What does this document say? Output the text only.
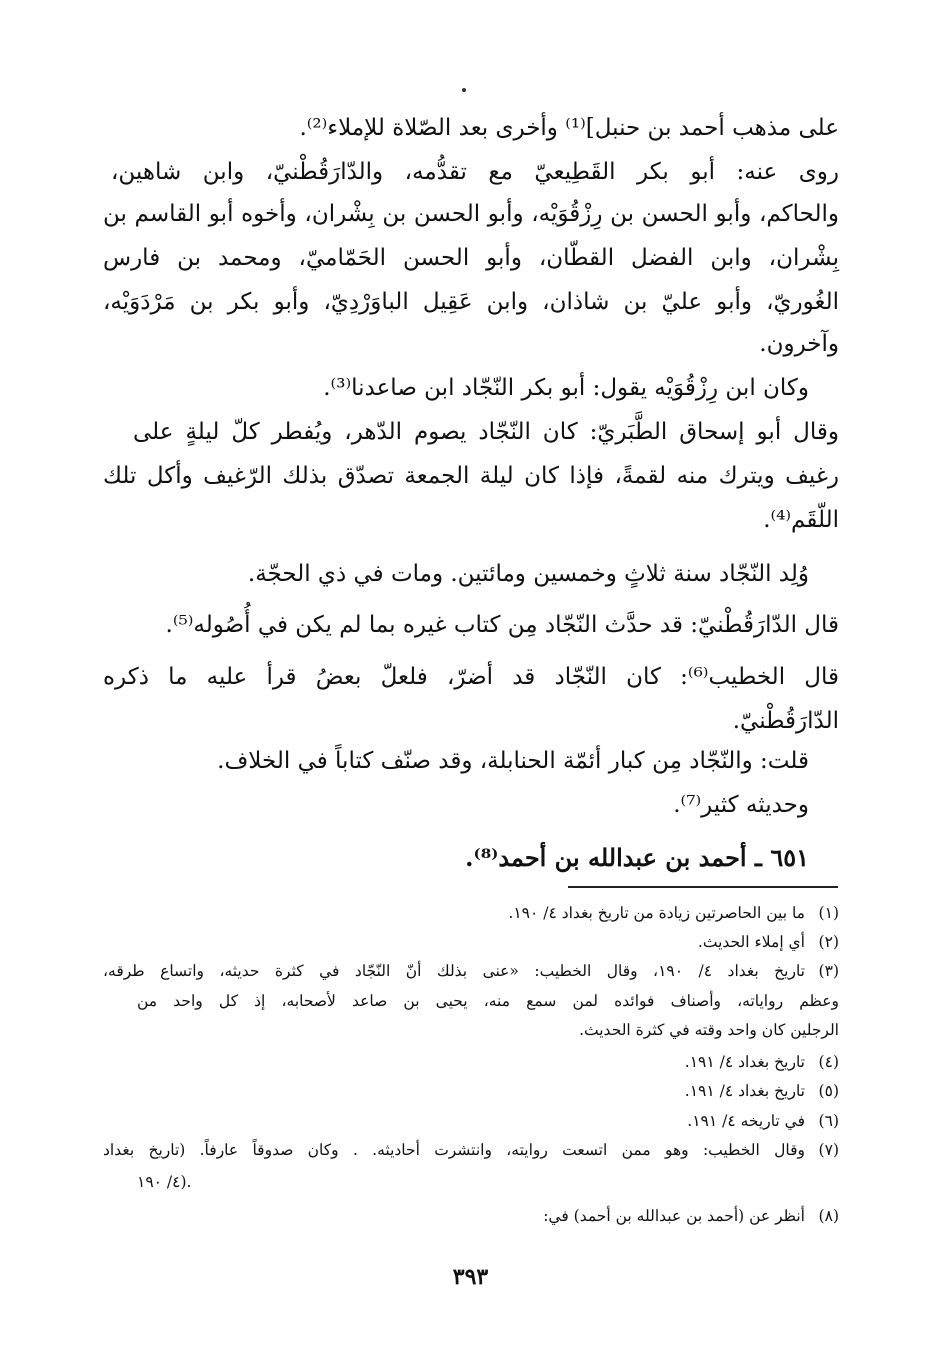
على مذهب أحمد بن حنبل]⁽¹⁾ وأخرى بعد الصّلاة للإملاء⁽²⁾.
روى عنه: أبو بكر القَطِيعيّ مع تقدُّمه، والدّارَقُطْنيّ، وابن شاهين،
والحاكم، وأبو الحسن بن رِزْقُوَيْه، وأبو الحسن بن بِشْران، وأخوه أبو القاسم بن
بِشْران، وابن الفضل القطّان، وأبو الحسن الحَمّاميّ، ومحمد بن فارس
الغُوريّ، وأبو عليّ بن شاذان، وابن عَقِيل الباوَرْدِيّ، وأبو بكر بن مَرْدَوَيْه،
وآخرون.
وكان ابن رِزْقُوَيْه يقول: أبو بكر النّجّاد ابن صاعدنا⁽³⁾.
وقال أبو إسحاق الطَّبَريّ: كان النّجّاد يصوم الدّهر، ويُفطر كلّ ليلةٍ على
رغيف ويترك منه لقمةً، فإذا كان ليلة الجمعة تصدّق بذلك الرّغيف وأكل تلك
اللّقَم⁽⁴⁾.
وُلِد النّجّاد سنة ثلاثٍ وخمسين ومائتين. ومات في ذي الحجّة.
قال الدّارَقُطْنيّ: قد حدَّث النّجّاد مِن كتاب غيره بما لم يكن في أُصُوله⁽⁵⁾.
قال الخطيب⁽⁶⁾: كان النّجّاد قد أضرّ، فلعلّ بعضُ قرأ عليه ما ذكره
الدّارَقُطْنيّ.
قلت: والنّجّاد مِن كبار أئمّة الحنابلة، وقد صنّف كتاباً في الخلاف.
وحديثه كثير⁽⁷⁾.
٦٥١ ـ أحمد بن عبدالله بن أحمد⁽⁸⁾.
(١)ما بين الحاصرتين زيادة من تاريخ بغداد ٤/ ١٩٠.
(٢)أي إملاء الحديث.
(٣)تاريخ بغداد ٤/ ١٩٠، وقال الخطيب: «عنى بذلك أنّ النّجّاد في كثرة حديثه، واتساع طرقه،
وعظم رواياته، وأصناف فوائده لمن سمع منه، يحيى بن صاعد لأصحابه، إذ كل واحد من
الرجلين كان واحد وقته في كثرة الحديث.
(٤)تاريخ بغداد ٤/ ١٩١.
(٥)تاريخ بغداد ٤/ ١٩١.
(٦)في تاريخه ٤/ ١٩١.
(٧)وقال الخطيب: وهو ممن اتسعت روايته، وانتشرت أحاديثه. . وكان صدوقاً عارفاً. (تاريخ بغداد
٤/ ١٩٠).
(٨)أنظر عن (أحمد بن عبدالله بن أحمد) في:
٣٩٣
